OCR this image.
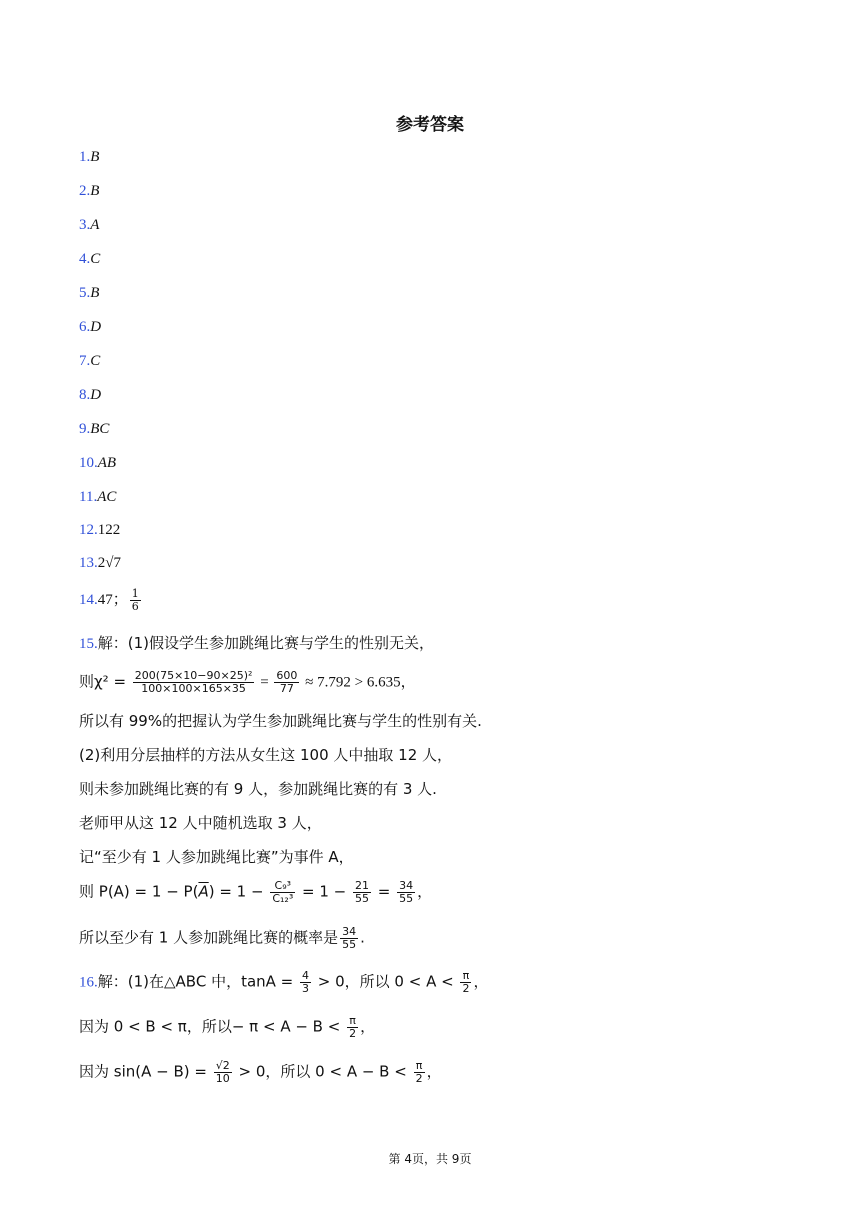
参考答案
1.B
2.B
3.A
4.C
5.B
6.D
7.C
8.D
9.BC
10.AB
11.AC
12.122
13.2√7
14.47； $\frac{1}{6}$
15.解：(1)假设学生参加跳绳比赛与学生的性别无关，
则$\chi^2 = \frac{\text{200(75×10−90×25)²}}{100\times 100\times 165\times 35} = \frac{600}{77} \approx 7.792 > 6.635$，
所以有 99%的把握认为学生参加跳绳比赛与学生的性别有关.
(2)利用分层抽样的方法从女生这 100 人中抽取 12 人，
则未参加跳绳比赛的有 9 人，参加跳绳比赛的有 3 人.
老师甲从这 12 人中随机选取 3 人，
记“至少有 1 人参加跳绳比赛”为事件 A，
则 $P(A) = 1 - P(\overline{A}) = 1 - \frac{\text{C₉³}}{\text{C₁₂³}} = 1 - \frac{21}{55} = \frac{34}{55}$ ，
所以至少有 1 人参加跳绳比赛的概率是 $\frac{34}{55}$ .
16.解：(1)在△ABC 中，$\tan A = \frac{4}{3} > 0$，所以 $0 < A < \frac{\pi}{2}$ ，
因为 0 < B < π，所以− $\pi < A - B < \frac{\pi}{2}$ ，
因为 $\sin(A - B) = \frac{√2}{10} > 0$，所以 $0 < A - B < \frac{\pi}{2}$ ，
第 4页，共 9页
